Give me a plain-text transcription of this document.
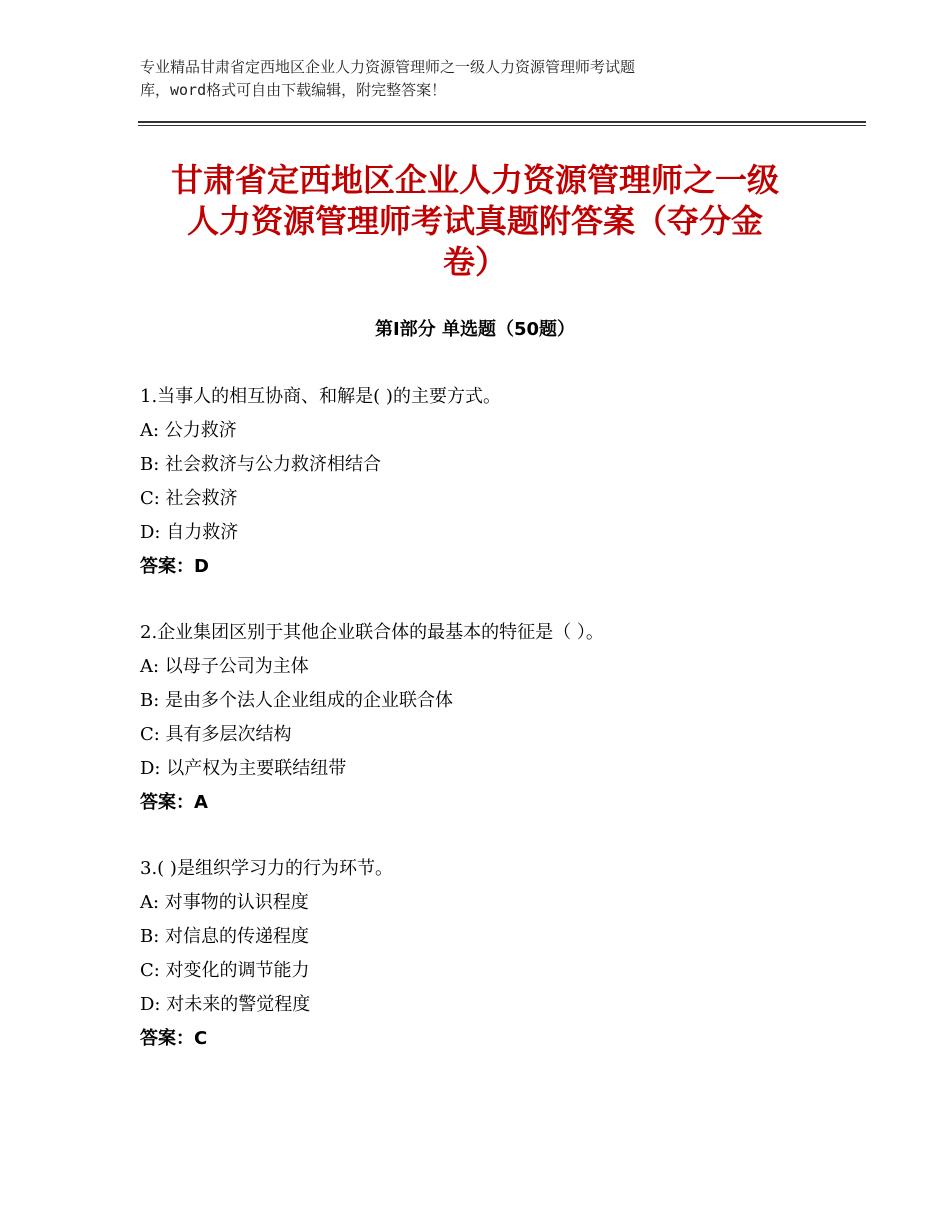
专业精品甘肃省定西地区企业人力资源管理师之一级人力资源管理师考试题
库，word格式可自由下载编辑，附完整答案！
甘肃省定西地区企业人力资源管理师之一级
人力资源管理师考试真题附答案（夺分金
卷）
第Ⅰ部分 单选题（50题）
1.当事人的相互协商、和解是( )的主要方式。
A: 公力救济
B: 社会救济与公力救济相结合
C: 社会救济
D: 自力救济
答案：D
2.企业集团区别于其他企业联合体的最基本的特征是（ ）。
A: 以母子公司为主体
B: 是由多个法人企业组成的企业联合体
C: 具有多层次结构
D: 以产权为主要联结纽带
答案：A
3.( )是组织学习力的行为环节。
A: 对事物的认识程度
B: 对信息的传递程度
C: 对变化的调节能力
D: 对未来的警觉程度
答案：C
